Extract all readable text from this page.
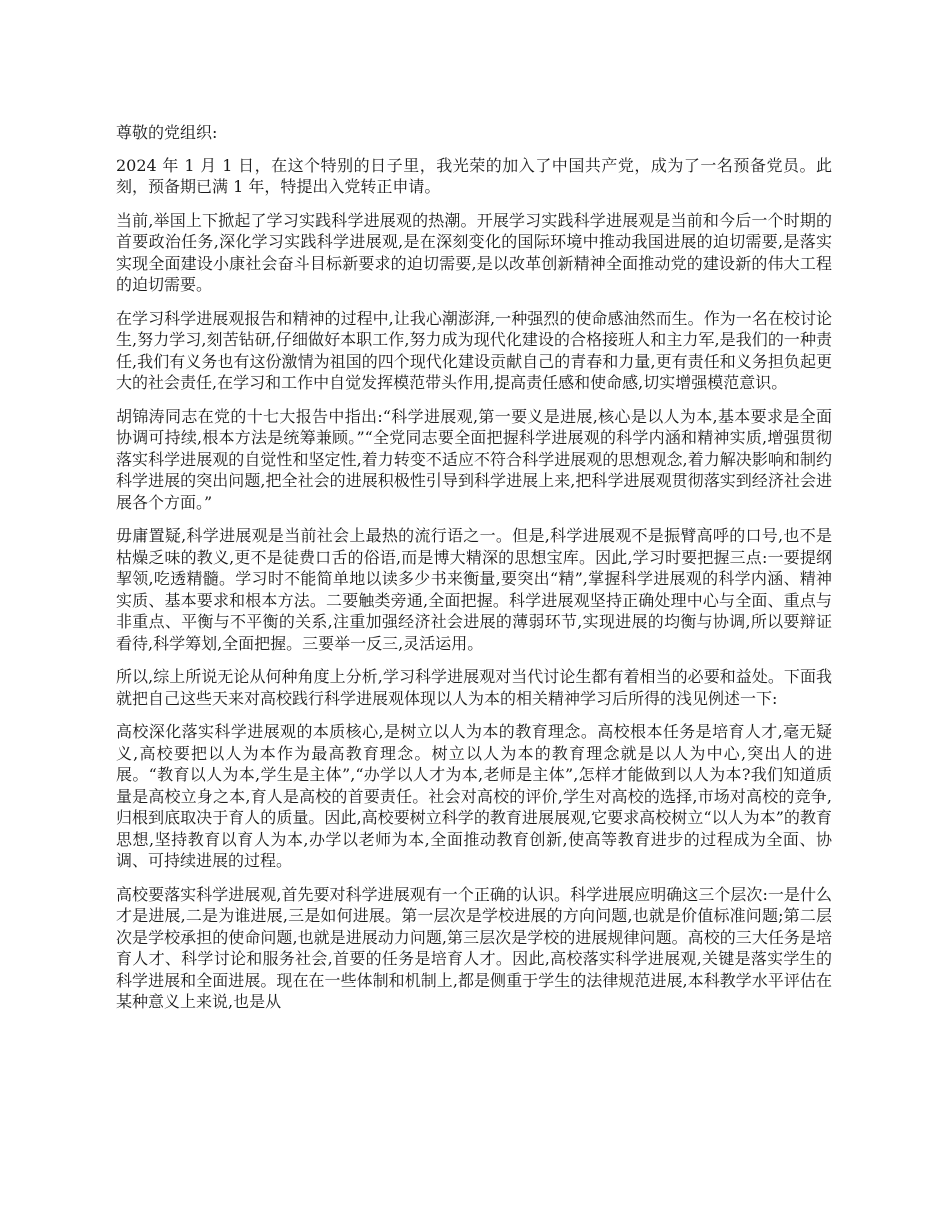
尊敬的党组织:

2024 年 1 月 1 日，在这个特别的日子里，我光荣的加入了中国共产党，成为了一名预备党员。此刻，预备期已满 1 年，特提出入党转正申请。

当前,举国上下掀起了学习实践科学进展观的热潮。开展学习实践科学进展观是当前和今后一个时期的首要政治任务,深化学习实践科学进展观,是在深刻变化的国际环境中推动我国进展的迫切需要,是落实实现全面建设小康社会奋斗目标新要求的迫切需要,是以改革创新精神全面推动党的建设新的伟大工程的迫切需要。

在学习科学进展观报告和精神的过程中,让我心潮澎湃,一种强烈的使命感油然而生。作为一名在校讨论生,努力学习,刻苦钻研,仔细做好本职工作,努力成为现代化建设的合格接班人和主力军,是我们的一种责任,我们有义务也有这份激情为祖国的四个现代化建设贡献自己的青春和力量,更有责任和义务担负起更大的社会责任,在学习和工作中自觉发挥模范带头作用,提高责任感和使命感,切实增强模范意识。

胡锦涛同志在党的十七大报告中指出:“科学进展观,第一要义是进展,核心是以人为本,基本要求是全面协调可持续,根本方法是统筹兼顾。”“全党同志要全面把握科学进展观的科学内涵和精神实质,增强贯彻落实科学进展观的自觉性和坚定性,着力转变不适应不符合科学进展观的思想观念,着力解决影响和制约科学进展的突出问题,把全社会的进展积极性引导到科学进展上来,把科学进展观贯彻落实到经济社会进展各个方面。”

毋庸置疑,科学进展观是当前社会上最热的流行语之一。但是,科学进展观不是振臂高呼的口号,也不是枯燥乏味的教义,更不是徒费口舌的俗语,而是博大精深的思想宝库。因此,学习时要把握三点:一要提纲挈领,吃透精髓。学习时不能简单地以读多少书来衡量,要突出“精”,掌握科学进展观的科学内涵、精神实质、基本要求和根本方法。二要触类旁通,全面把握。科学进展观坚持正确处理中心与全面、重点与非重点、平衡与不平衡的关系,注重加强经济社会进展的薄弱环节,实现进展的均衡与协调,所以要辩证看待,科学筹划,全面把握。三要举一反三,灵活运用。

所以,综上所说无论从何种角度上分析,学习科学进展观对当代讨论生都有着相当的必要和益处。下面我就把自己这些天来对高校践行科学进展观体现以人为本的相关精神学习后所得的浅见例述一下:

高校深化落实科学进展观的本质核心,是树立以人为本的教育理念。高校根本任务是培育人才,毫无疑义,高校要把以人为本作为最高教育理念。树立以人为本的教育理念就是以人为中心,突出人的进展。“教育以人为本,学生是主体”,“办学以人才为本,老师是主体”,怎样才能做到以人为本?我们知道质量是高校立身之本,育人是高校的首要责任。社会对高校的评价,学生对高校的选择,市场对高校的竞争,归根到底取决于育人的质量。因此,高校要树立科学的教育进展展观,它要求高校树立“以人为本”的教育思想,坚持教育以育人为本,办学以老师为本,全面推动教育创新,使高等教育进步的过程成为全面、协调、可持续进展的过程。

高校要落实科学进展观,首先要对科学进展观有一个正确的认识。科学进展应明确这三个层次:一是什么才是进展,二是为谁进展,三是如何进展。第一层次是学校进展的方向问题,也就是价值标准问题;第二层次是学校承担的使命问题,也就是进展动力问题,第三层次是学校的进展规律问题。高校的三大任务是培育人才、科学讨论和服务社会,首要的任务是培育人才。因此,高校落实科学进展观,关键是落实学生的科学进展和全面进展。现在在一些体制和机制上,都是侧重于学生的法律规范进展,本科教学水平评估在某种意义上来说,也是从
